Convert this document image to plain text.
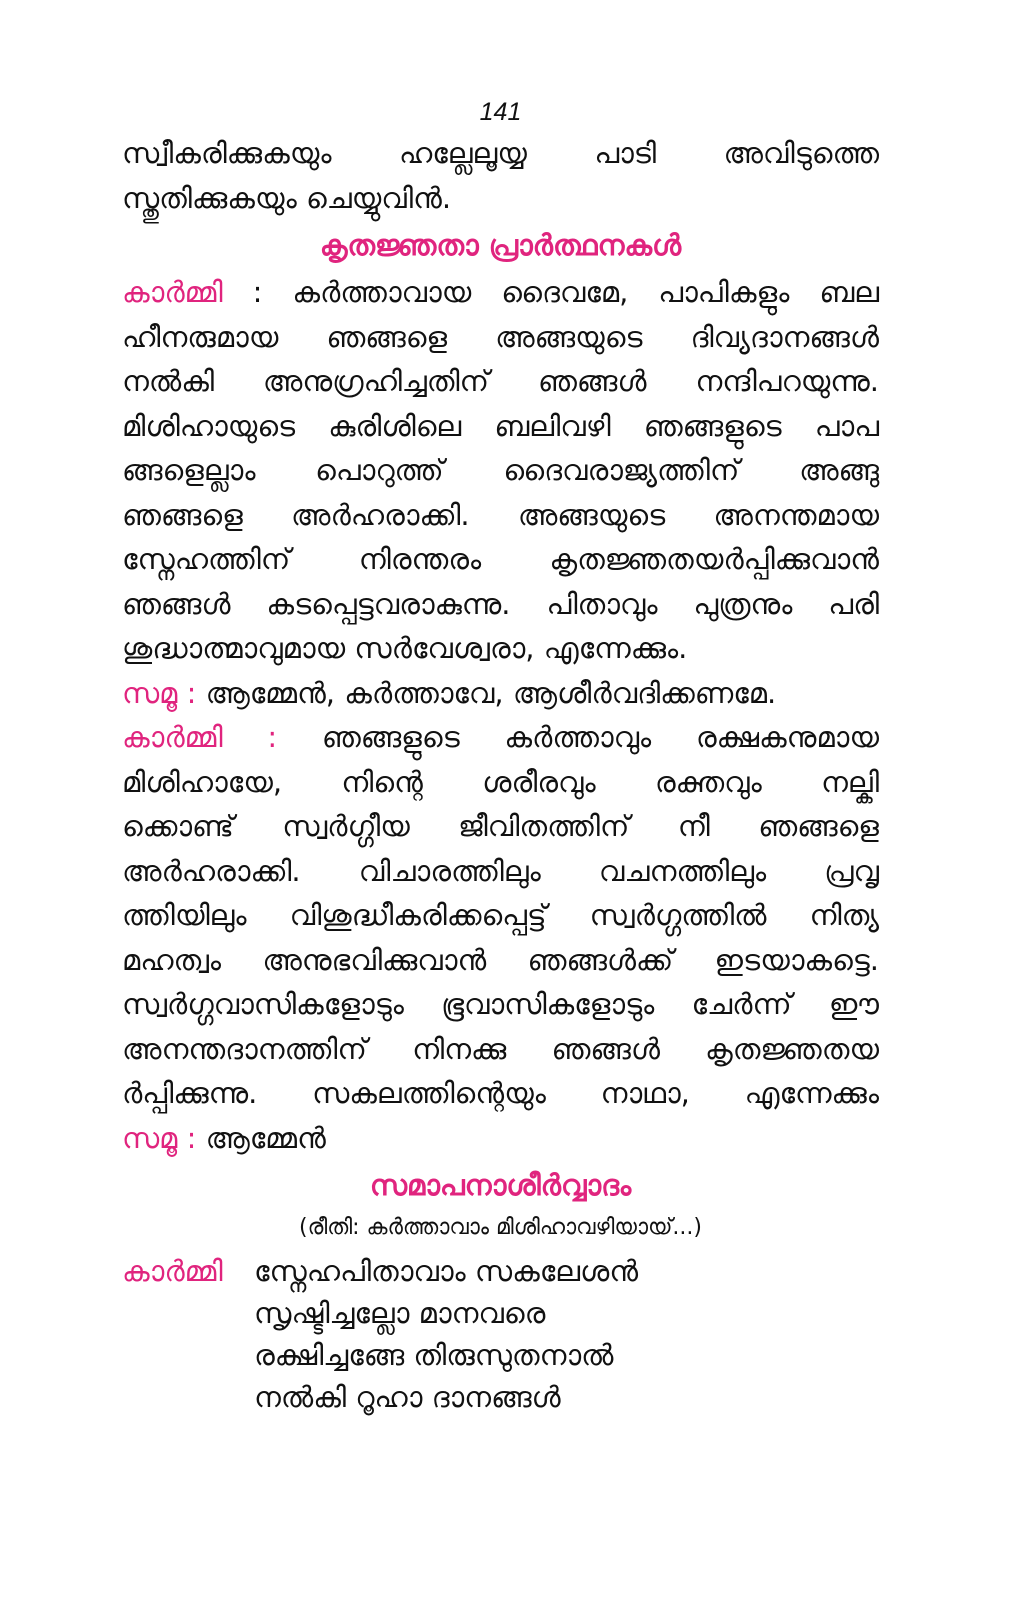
141
സ്വീകരിക്കുകയും ഹല്ലേലൂയ്യ പാടി അവിടുത്തെ
സ്തുതിക്കുകയും ചെയ്യുവിൻ.
കൃതജ്ഞതാ പ്രാർത്ഥനകൾ
കാർമ്മി : കർത്താവായ ദൈവമേ, പാപികളും ബല
ഹീനരുമായ ഞങ്ങളെ അങ്ങയുടെ ദിവ്യദാനങ്ങൾ
നൽകി അനുഗ്രഹിച്ചതിന് ഞങ്ങൾ നന്ദിപറയുന്നു.
മിശിഹായുടെ കുരിശിലെ ബലിവഴി ഞങ്ങളുടെ പാപ
ങ്ങളെല്ലാം പൊറുത്ത് ദൈവരാജ്യത്തിന് അങ്ങു
ഞങ്ങളെ അർഹരാക്കി. അങ്ങയുടെ അനന്തമായ
സ്നേഹത്തിന് നിരന്തരം കൃതജ്ഞതയർപ്പിക്കുവാൻ
ഞങ്ങൾ കടപ്പെട്ടവരാകുന്നു. പിതാവും പുത്രനും പരി
ശുദ്ധാത്മാവുമായ സർവേശ്വരാ, എന്നേക്കും.
സമൂ : ആമ്മേൻ, കർത്താവേ, ആശീർവദിക്കണമേ.
കാർമ്മി : ഞങ്ങളുടെ കർത്താവും രക്ഷകനുമായ
മിശിഹായേ, നിന്റെ ശരീരവും രക്തവും നല്കി
ക്കൊണ്ട് സ്വർഗ്ഗീയ ജീവിതത്തിന് നീ ഞങ്ങളെ
അർഹരാക്കി. വിചാരത്തിലും വചനത്തിലും പ്രവൃ
ത്തിയിലും വിശുദ്ധീകരിക്കപ്പെട്ട് സ്വർഗ്ഗത്തിൽ നിത്യ
മഹത്വം അനുഭവിക്കുവാൻ ഞങ്ങൾക്ക് ഇടയാകട്ടെ.
സ്വർഗ്ഗവാസികളോടും ഭൂവാസികളോടും ചേർന്ന് ഈ
അനന്തദാനത്തിന് നിനക്കു ഞങ്ങൾ കൃതജ്ഞതയ
ർപ്പിക്കുന്നു. സകലത്തിന്റെയും നാഥാ, എന്നേക്കും
സമൂ : ആമ്മേൻ
സമാപനാശീർവ്വാദം
(രീതി: കർത്താവാം മിശിഹാവഴിയായ്...)
കാർമ്മി	സ്നേഹപിതാവാം സകലേശൻ
സൃഷ്ടിച്ചല്ലോ മാനവരെ
രക്ഷിച്ചങ്ങേ തിരുസുതനാൽ
നൽകി റൂഹാ ദാനങ്ങൾ
